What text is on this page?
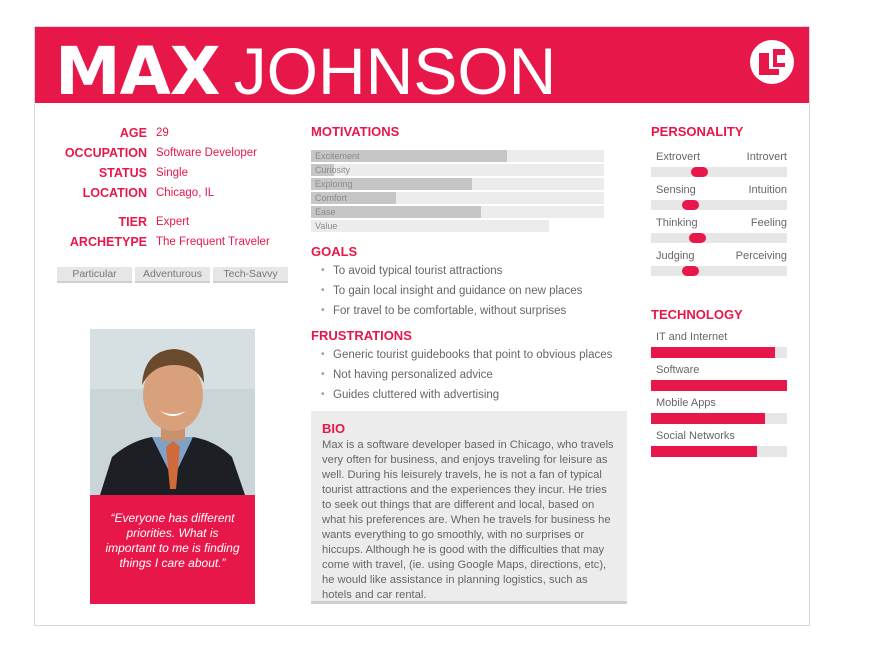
MAX JOHNSON
AGE 29
OCCUPATION Software Developer
STATUS Single
LOCATION Chicago, IL
TIER Expert
ARCHETYPE The Frequent Traveler
Particular	Adventurous	Tech-Savvy
“Everyone has different priorities. What is important to me is finding things I care about.”
MOTIVATIONS
Excitement
Curiosity
Exploring
Comfort
Ease
Value
GOALS
• To avoid typical tourist attractions
• To gain local insight and guidance on new places
• For travel to be comfortable, without surprises
FRUSTRATIONS
• Generic tourist guidebooks that point to obvious places
• Not having personalized advice
• Guides cluttered with advertising
BIO
Max is a software developer based in Chicago, who travels very often for business, and enjoys traveling for leisure as well. During his leisurely travels, he is not a fan of typical tourist attractions and the experiences they incur. He tries to seek out things that are different and local, based on what his preferences are. When he travels for business he wants everything to go smoothly, with no surprises or hiccups. Although he is good with the difficulties that may come with travel, (ie. using Google Maps, directions, etc), he would like assistance in planning logistics, such as hotels and car rental.
PERSONALITY
Extrovert	Introvert
Sensing	Intuition
Thinking	Feeling
Judging	Perceiving
TECHNOLOGY
IT and Internet
Software
Mobile Apps
Social Networks
